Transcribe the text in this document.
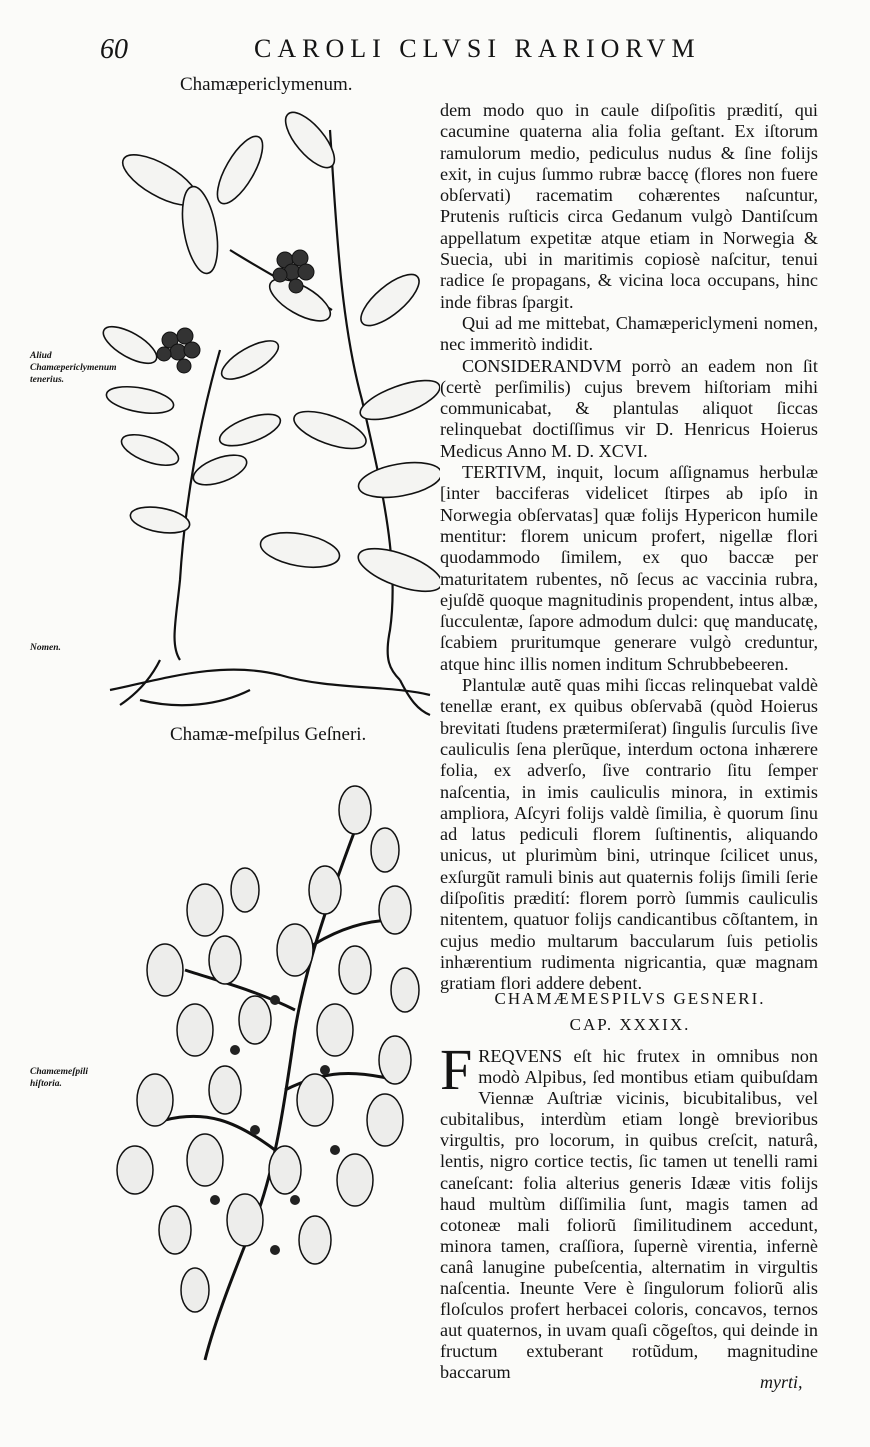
60	CAROLI CLVSI RARIORVM
Chamæpericlymenum.
Aliud Chamæpericlymenum tenerius.
Nomen.
Chamæ-meſpilus Geſneri.
Chamæmeſpili hiſtoria.

dem modo quo in caule diſpoſitis prædití, qui cacumine quaterna alia folia geſtant. Ex iſtorum ramulorum medio, pediculus nudus & ſine folijs exit, in cujus ſummo rubræ baccę (flores non fuere obſervati) racematim cohærentes naſcuntur, Prutenis ruſticis circa Gedanum vulgò Dantiſcum appellatum expetitæ atque etiam in Norwegia & Suecia, ubi in maritimis copiosè naſcitur, tenui radice ſe propagans, & vicina loca occupans, hinc inde fibras ſpargit.

Qui ad me mittebat, Chamæpericlymeni nomen, nec immeritò indidit.

CONSIDERANDVM porrò an eadem non ſit (certè perſimilis) cujus brevem hiſtoriam mihi communicabat, & plantulas aliquot ſiccas relinquebat doctiſſimus vir D. Henricus Hoierus Medicus Anno M. D. XCVI.

TERTIVM, inquit, locum aſſignamus herbulæ [inter bacciferas videlicet ſtirpes ab ipſo in Norwegia obſervatas] quæ folijs Hypericon humile mentitur: florem unicum profert, nigellæ flori quodammodo ſimilem, ex quo baccæ per maturitatem rubentes, nõ ſecus ac vaccinia rubra, ejuſdẽ quoque magnitudinis propendent, intus albæ, ſucculentæ, ſapore admodum dulci: quę manducatę, ſcabiem pruritumque generare vulgò creduntur, atque hinc illis nomen inditum Schrubbebeeren.

Plantulæ autẽ quas mihi ſiccas relinquebat valdè tenellæ erant, ex quibus obſervabã (quòd Hoierus brevitati ſtudens prætermiſerat) ſingulis ſurculis ſive cauliculis ſena plerũque, interdum octona inhærere folia, ex adverſo, ſive contrario ſitu ſemper naſcentia, in imis cauliculis minora, in extimis ampliora, Aſcyri folijs valdè ſimilia, è quorum ſinu ad latus pediculi florem ſuſtinentis, aliquando unicus, ut plurimùm bini, utrinque ſcilicet unus, exſurgũt ramuli binis aut quaternis folijs ſimili ſerie diſpoſitis prædití: florem porrò ſummis cauliculis nitentem, quatuor folijs candicantibus cõſtantem, in cujus medio multarum baccularum ſuis petiolis inhærentium rudimenta nigricantia, quæ magnam gratiam flori addere debent.

CHAMÆMESPILVS GESNERI.
CAP. XXXIX.

FREQVENS eſt hic frutex in omnibus non modò Alpibus, ſed montibus etiam quibuſdam Viennæ Auſtriæ vicinis, bicubitalibus, vel cubitalibus, interdùm etiam longè brevioribus virgultis, pro locorum, in quibus creſcit, naturâ, lentis, nigro cortice tectis, ſic tamen ut tenelli rami caneſcant: folia alterius generis Idææ vitis folijs haud multùm diſſimilia ſunt, magis tamen ad cotoneæ mali foliorũ ſimilitudinem accedunt, minora tamen, craſſiora, ſupernè virentia, infernè canâ lanugine pubeſcentia, alternatim in virgultis naſcentia. Ineunte Vere è ſingulorum foliorũ alis floſculos profert herbacei coloris, concavos, ternos aut quaternos, in uvam quaſi cõgeſtos, qui deinde in fructum extuberant rotũdum, magnitudine baccarum	myrti,
